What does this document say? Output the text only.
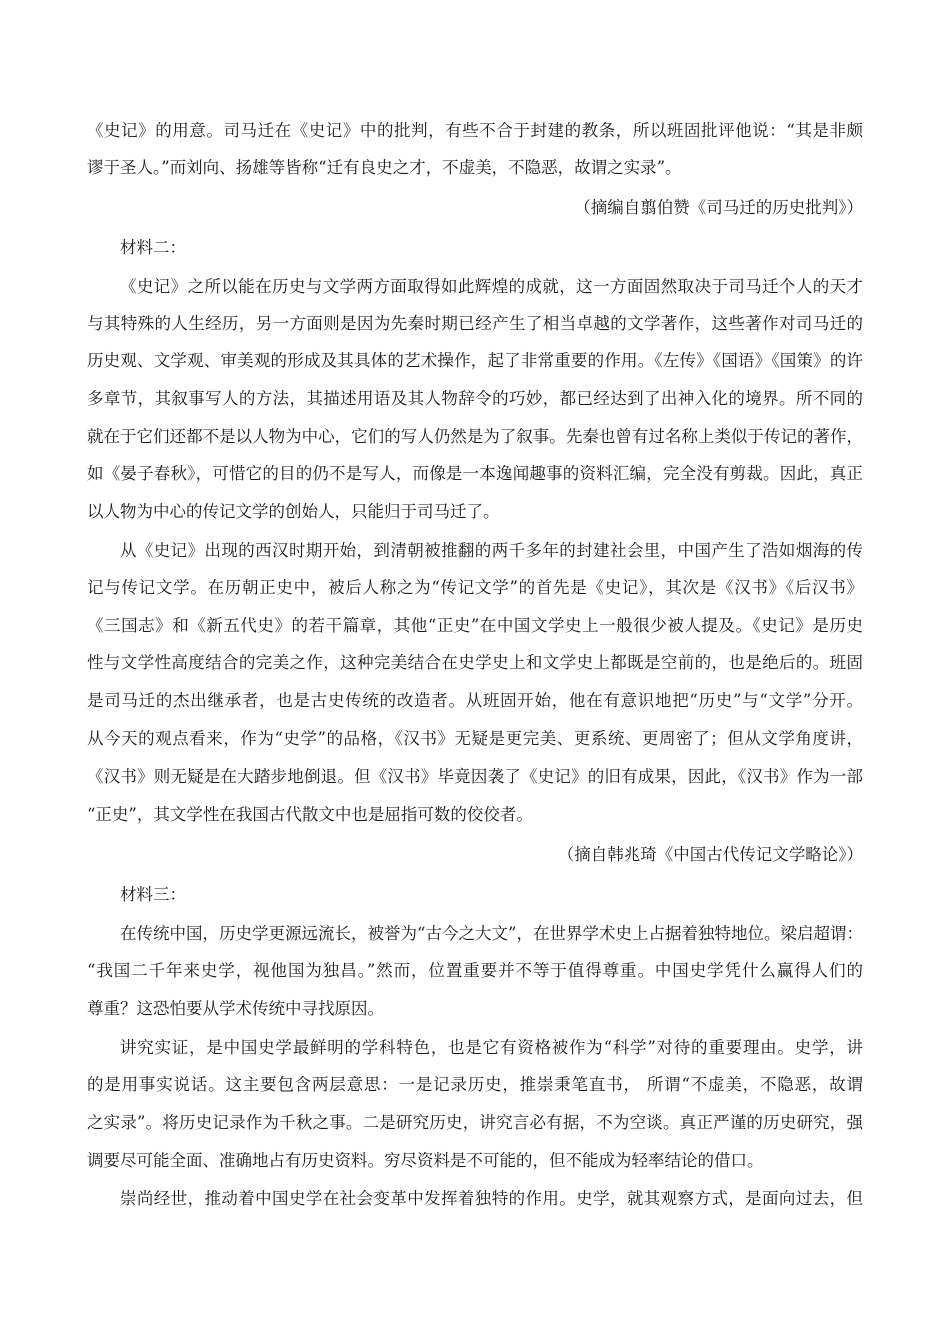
《史记》的用意。司马迁在《史记》中的批判，有些不合于封建的教条，所以班固批评他说：“其是非颇
谬于圣人。”而刘向、扬雄等皆称“迁有良史之才，不虚美，不隐恶，故谓之实录”。
（摘编自翦伯赞《司马迁的历史批判》）
材料二：
《史记》之所以能在历史与文学两方面取得如此辉煌的成就，这一方面固然取决于司马迁个人的天才
与其特殊的人生经历，另一方面则是因为先秦时期已经产生了相当卓越的文学著作，这些著作对司马迁的
历史观、文学观、审美观的形成及其具体的艺术操作，起了非常重要的作用。《左传》《国语》《国策》的许
多章节，其叙事写人的方法，其描述用语及其人物辞令的巧妙，都已经达到了出神入化的境界。所不同的
就在于它们还都不是以人物为中心，它们的写人仍然是为了叙事。先秦也曾有过名称上类似于传记的著作，
如《晏子春秋》，可惜它的目的仍不是写人，而像是一本逸闻趣事的资料汇编，完全没有剪裁。因此，真正
以人物为中心的传记文学的创始人，只能归于司马迁了。
从《史记》出现的西汉时期开始，到清朝被推翻的两千多年的封建社会里，中国产生了浩如烟海的传
记与传记文学。在历朝正史中，被后人称之为“传记文学”的首先是《史记》，其次是《汉书》《后汉书》
《三国志》和《新五代史》的若干篇章，其他“正史”在中国文学史上一般很少被人提及。《史记》是历史
性与文学性高度结合的完美之作，这种完美结合在史学史上和文学史上都既是空前的，也是绝后的。班固
是司马迁的杰出继承者，也是古史传统的改造者。从班固开始，他在有意识地把“历史”与“文学”分开。
从今天的观点看来，作为“史学”的品格，《汉书》无疑是更完美、更系统、更周密了；但从文学角度讲，
《汉书》则无疑是在大踏步地倒退。但《汉书》毕竟因袭了《史记》的旧有成果，因此，《汉书》作为一部
“正史”，其文学性在我国古代散文中也是屈指可数的佼佼者。
（摘自韩兆琦《中国古代传记文学略论》）
材料三：
在传统中国，历史学更源远流长，被誉为“古今之大文”，在世界学术史上占据着独特地位。梁启超谓：
“我国二千年来史学，视他国为独昌。”然而，位置重要并不等于值得尊重。中国史学凭什么赢得人们的
尊重？这恐怕要从学术传统中寻找原因。
讲究实证，是中国史学最鲜明的学科特色，也是它有资格被作为“科学”对待的重要理由。史学，讲
的是用事实说话。这主要包含两层意思：一是记录历史，推崇秉笔直书， 所谓“不虚美，不隐恶，故谓
之实录”。将历史记录作为千秋之事。二是研究历史，讲究言必有据，不为空谈。真正严谨的历史研究，强
调要尽可能全面、准确地占有历史资料。穷尽资料是不可能的，但不能成为轻率结论的借口。
崇尚经世，推动着中国史学在社会变革中发挥着独特的作用。史学，就其观察方式，是面向过去，但
